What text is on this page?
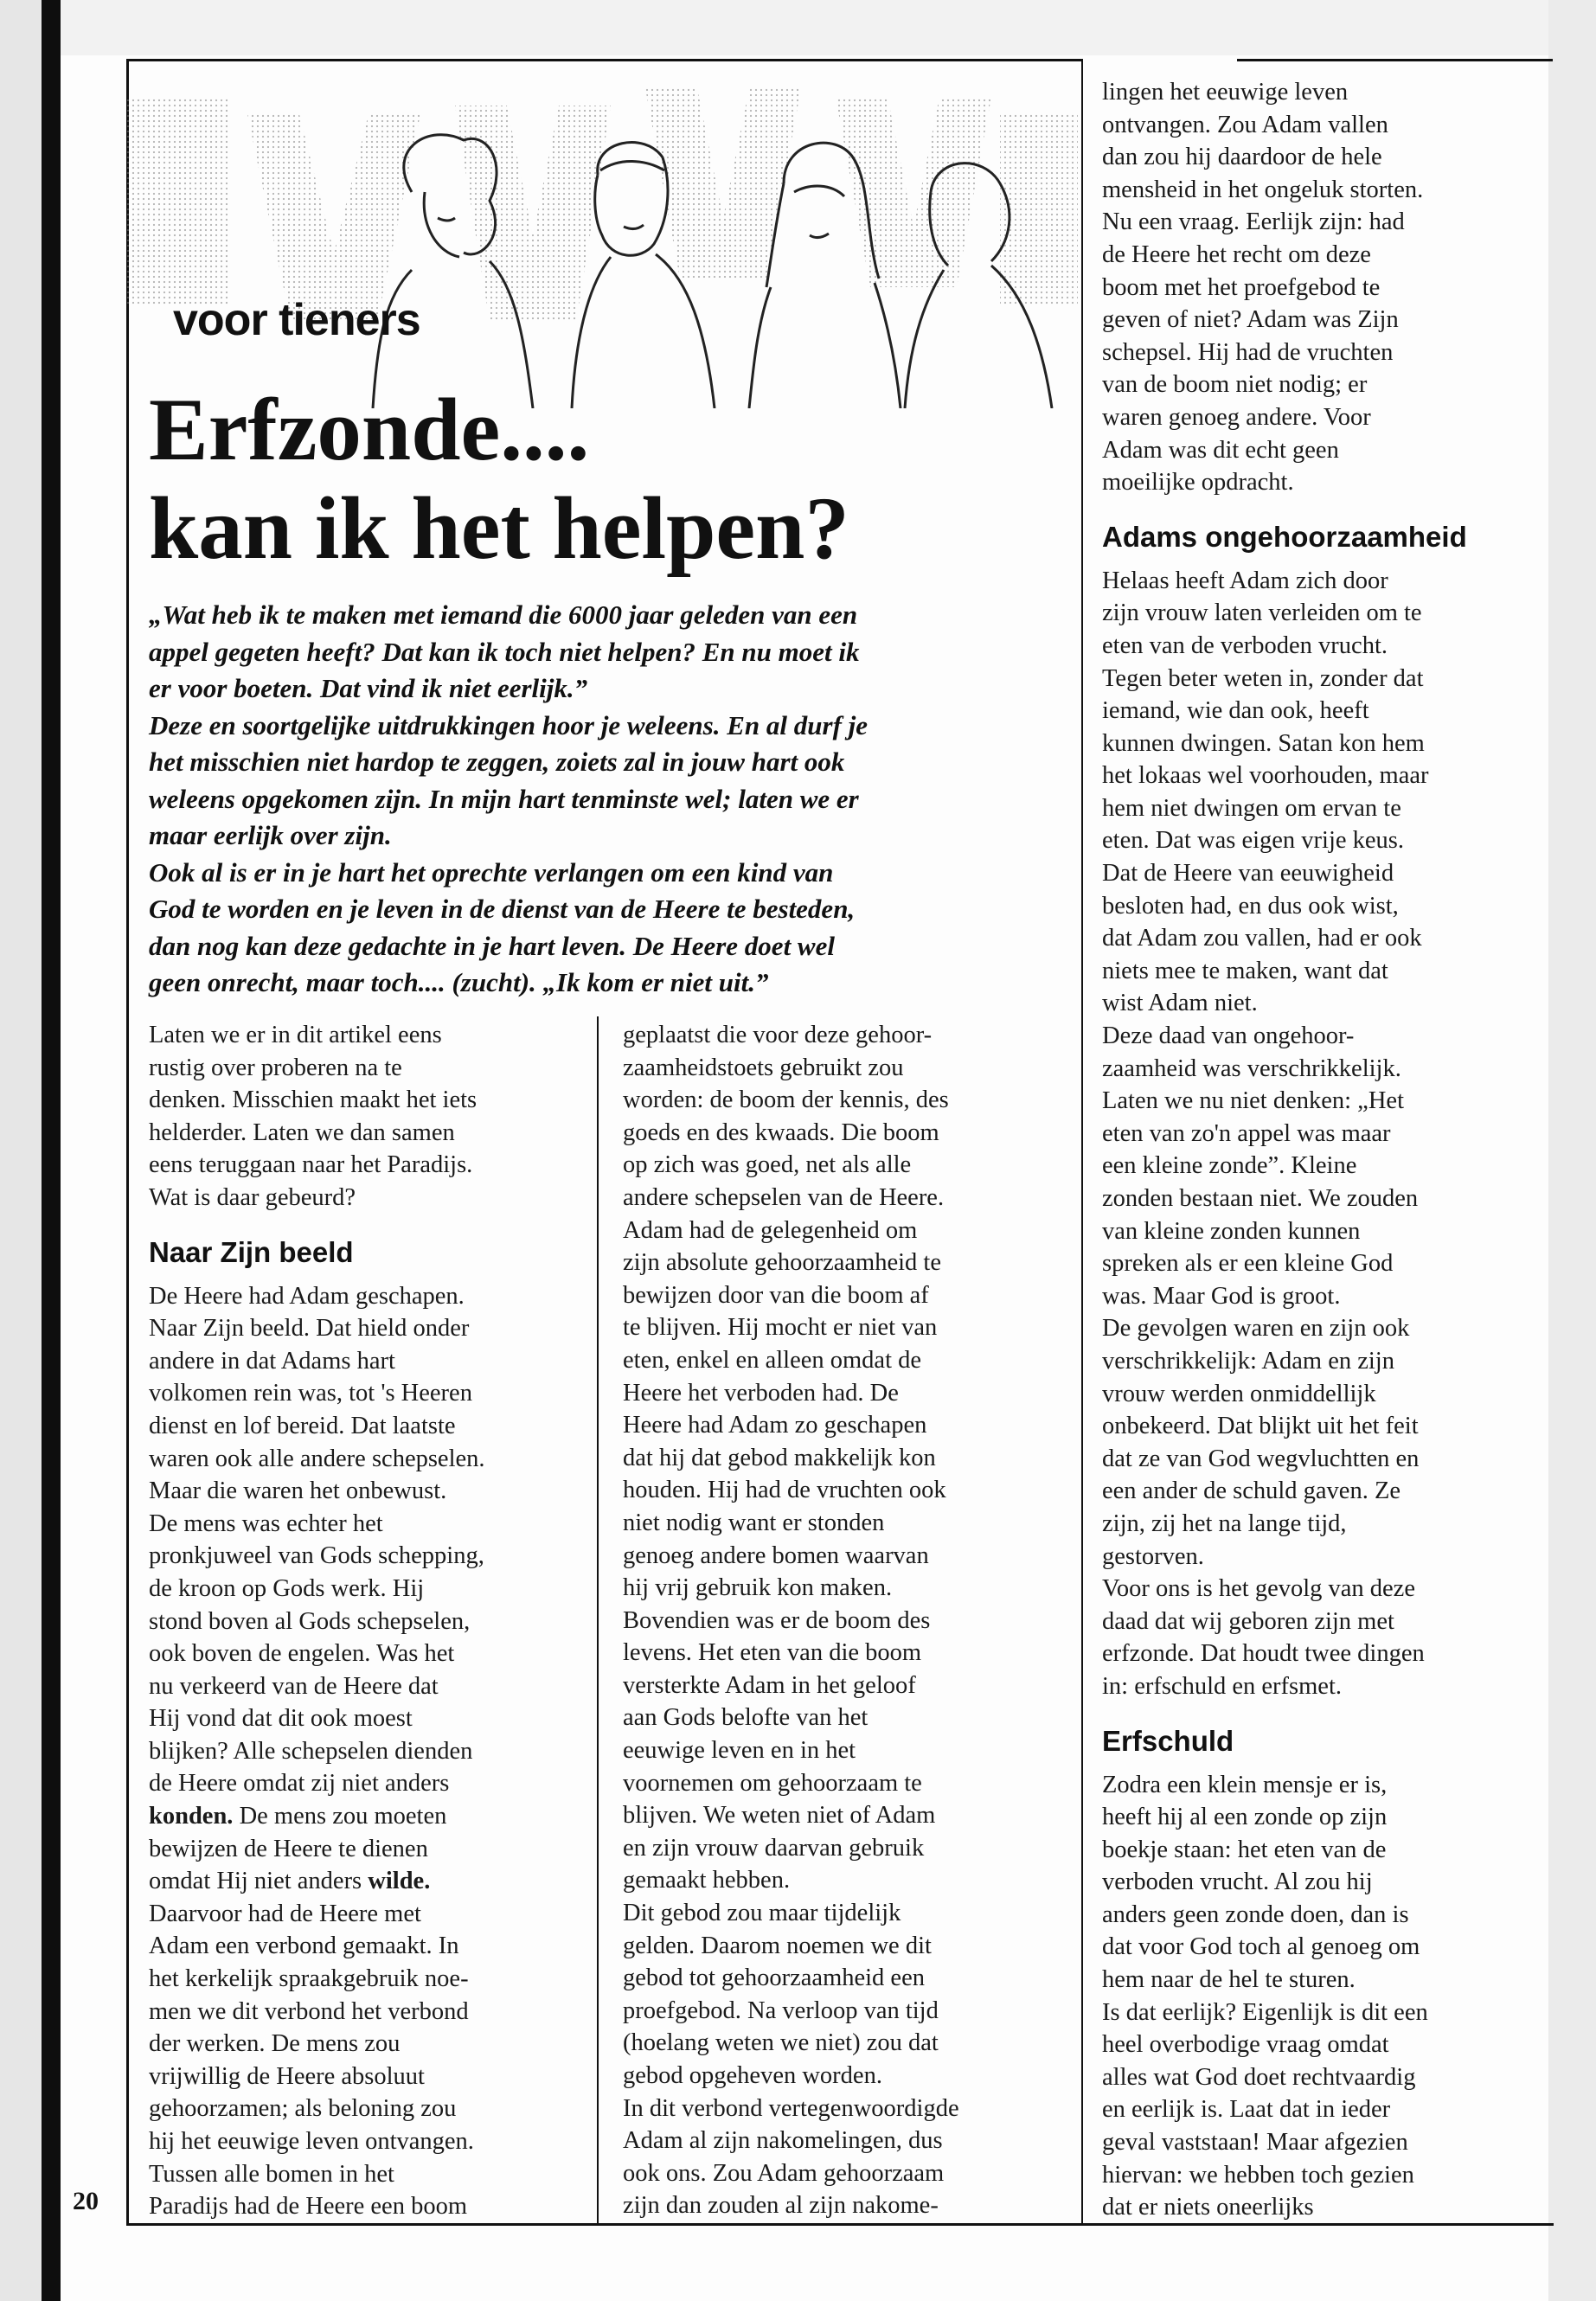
voor tieners
Erfzonde....
kan ik het helpen?

„Wat heb ik te maken met iemand die 6000 jaar geleden van een

appel gegeten heeft? Dat kan ik toch niet helpen? En nu moet ik

er voor boeten. Dat vind ik niet eerlijk.”

Deze en soortgelijke uitdrukkingen hoor je weleens. En al durf je

het misschien niet hardop te zeggen, zoiets zal in jouw hart ook

weleens opgekomen zijn. In mijn hart tenminste wel; laten we er

maar eerlijk over zijn.

Ook al is er in je hart het oprechte verlangen om een kind van

God te worden en je leven in de dienst van de Heere te besteden,

dan nog kan deze gedachte in je hart leven. De Heere doet wel

geen onrecht, maar toch.... (zucht). „Ik kom er niet uit.”

Laten we er in dit artikel eens

rustig over proberen na te

denken. Misschien maakt het iets

helderder. Laten we dan samen

eens teruggaan naar het Paradijs.

Wat is daar gebeurd?

Naar Zijn beeld

De Heere had Adam geschapen.

Naar Zijn beeld. Dat hield onder

andere in dat Adams hart

volkomen rein was, tot 's Heeren

dienst en lof bereid. Dat laatste

waren ook alle andere schepselen.

Maar die waren het onbewust.

De mens was echter het

pronkjuweel van Gods schepping,

de kroon op Gods werk. Hij

stond boven al Gods schepselen,

ook boven de engelen. Was het

nu verkeerd van de Heere dat

Hij vond dat dit ook moest

blijken? Alle schepselen dienden

de Heere omdat zij niet anders

konden. De mens zou moeten

bewijzen de Heere te dienen

omdat Hij niet anders wilde.

Daarvoor had de Heere met

Adam een verbond gemaakt. In

het kerkelijk spraakgebruik noe-

men we dit verbond het verbond

der werken. De mens zou

vrijwillig de Heere absoluut

gehoorzamen; als beloning zou

hij het eeuwige leven ontvangen.

Tussen alle bomen in het

Paradijs had de Heere een boom

geplaatst die voor deze gehoor-

zaamheidstoets gebruikt zou

worden: de boom der kennis, des

goeds en des kwaads. Die boom

op zich was goed, net als alle

andere schepselen van de Heere.

Adam had de gelegenheid om

zijn absolute gehoorzaamheid te

bewijzen door van die boom af

te blijven. Hij mocht er niet van

eten, enkel en alleen omdat de

Heere het verboden had. De

Heere had Adam zo geschapen

dat hij dat gebod makkelijk kon

houden. Hij had de vruchten ook

niet nodig want er stonden

genoeg andere bomen waarvan

hij vrij gebruik kon maken.

Bovendien was er de boom des

levens. Het eten van die boom

versterkte Adam in het geloof

aan Gods belofte van het

eeuwige leven en in het

voornemen om gehoorzaam te

blijven. We weten niet of Adam

en zijn vrouw daarvan gebruik

gemaakt hebben.

Dit gebod zou maar tijdelijk

gelden. Daarom noemen we dit

gebod tot gehoorzaamheid een

proefgebod. Na verloop van tijd

(hoelang weten we niet) zou dat

gebod opgeheven worden.

In dit verbond vertegenwoordigde

Adam al zijn nakomelingen, dus

ook ons. Zou Adam gehoorzaam

zijn dan zouden al zijn nakome-

lingen het eeuwige leven

ontvangen. Zou Adam vallen

dan zou hij daardoor de hele

mensheid in het ongeluk storten.

Nu een vraag. Eerlijk zijn: had

de Heere het recht om deze

boom met het proefgebod te

geven of niet? Adam was Zijn

schepsel. Hij had de vruchten

van de boom niet nodig; er

waren genoeg andere. Voor

Adam was dit echt geen

moeilijke opdracht.

Adams ongehoorzaamheid

Helaas heeft Adam zich door

zijn vrouw laten verleiden om te

eten van de verboden vrucht.

Tegen beter weten in, zonder dat

iemand, wie dan ook, heeft

kunnen dwingen. Satan kon hem

het lokaas wel voorhouden, maar

hem niet dwingen om ervan te

eten. Dat was eigen vrije keus.

Dat de Heere van eeuwigheid

besloten had, en dus ook wist,

dat Adam zou vallen, had er ook

niets mee te maken, want dat

wist Adam niet.

Deze daad van ongehoor-

zaamheid was verschrikkelijk.

Laten we nu niet denken: „Het

eten van zo'n appel was maar

een kleine zonde”. Kleine

zonden bestaan niet. We zouden

van kleine zonden kunnen

spreken als er een kleine God

was. Maar God is groot.

De gevolgen waren en zijn ook

verschrikkelijk: Adam en zijn

vrouw werden onmiddellijk

onbekeerd. Dat blijkt uit het feit

dat ze van God wegvluchtten en

een ander de schuld gaven. Ze

zijn, zij het na lange tijd,

gestorven.

Voor ons is het gevolg van deze

daad dat wij geboren zijn met

erfzonde. Dat houdt twee dingen

in: erfschuld en erfsmet.

Erfschuld

Zodra een klein mensje er is,

heeft hij al een zonde op zijn

boekje staan: het eten van de

verboden vrucht. Al zou hij

anders geen zonde doen, dan is

dat voor God toch al genoeg om

hem naar de hel te sturen.

Is dat eerlijk? Eigenlijk is dit een

heel overbodige vraag omdat

alles wat God doet rechtvaardig

en eerlijk is. Laat dat in ieder

geval vaststaan! Maar afgezien

hiervan: we hebben toch gezien

dat er niets oneerlijks

20
